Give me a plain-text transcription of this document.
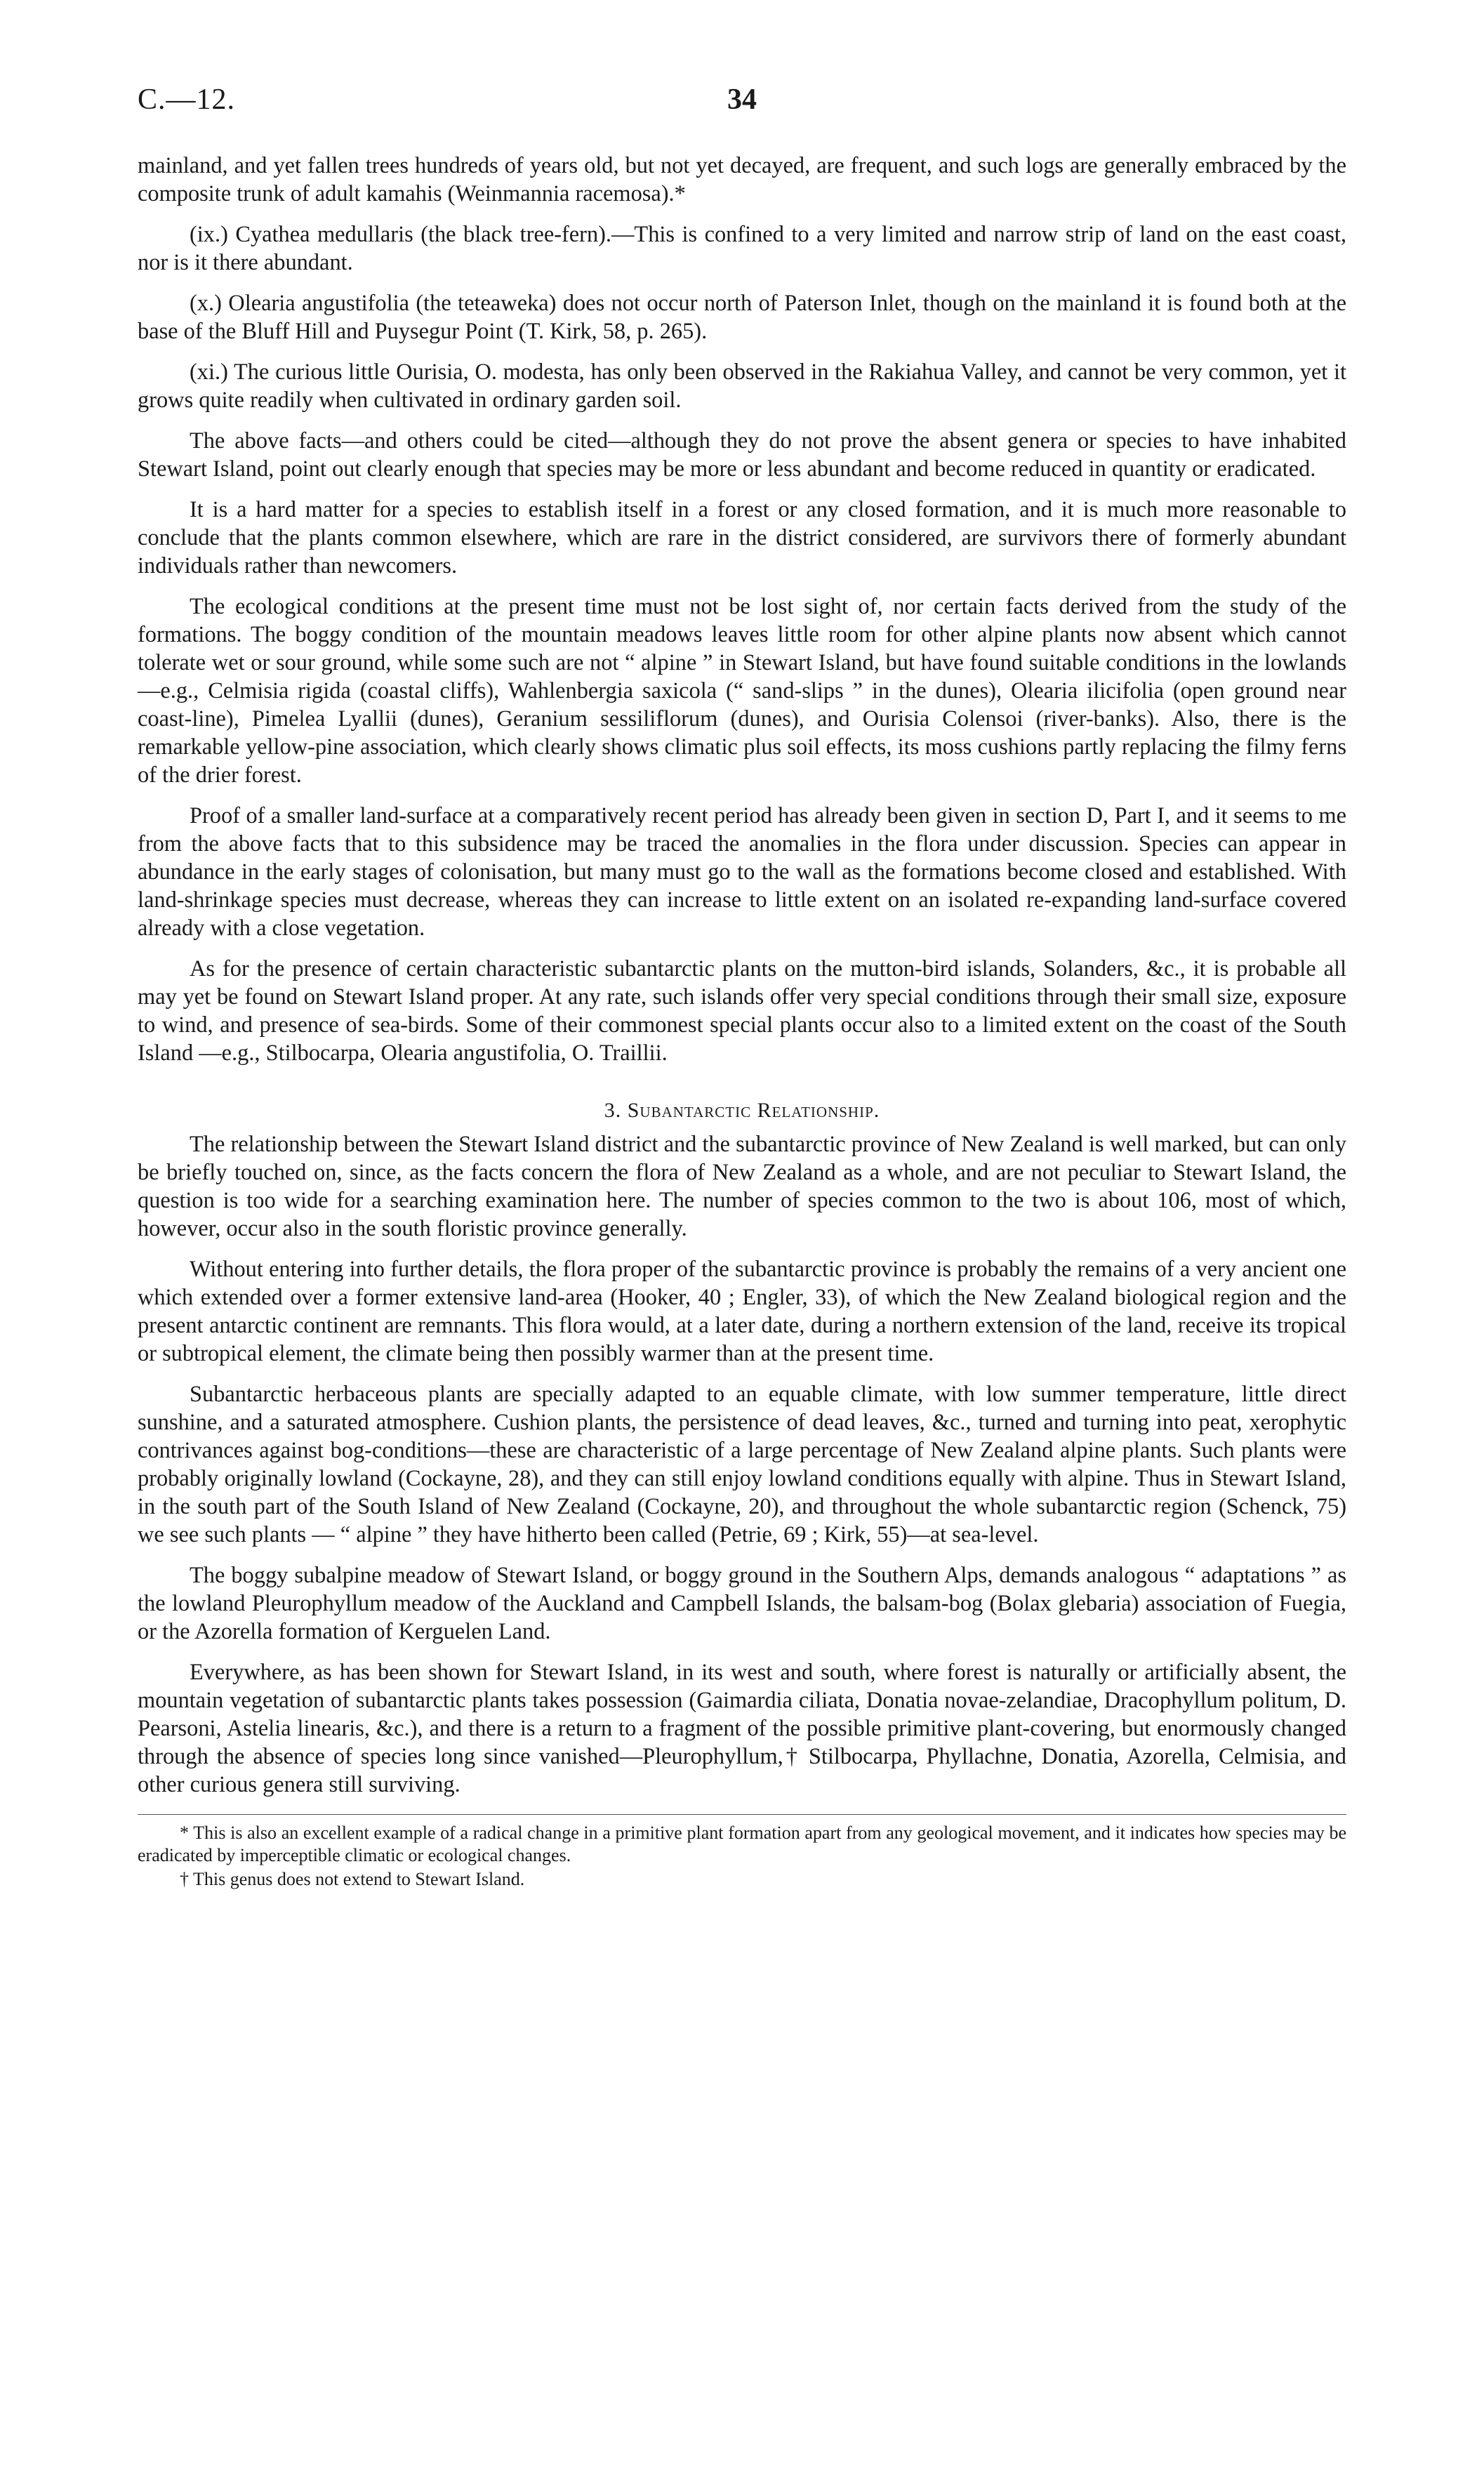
C.—12.	34

mainland, and yet fallen trees hundreds of years old, but not yet decayed, are frequent, and such logs are generally embraced by the composite trunk of adult kamahis (Weinmannia racemosa).*

(ix.) Cyathea medullaris (the black tree-fern).—This is confined to a very limited and narrow strip of land on the east coast, nor is it there abundant.

(x.) Olearia angustifolia (the teteaweka) does not occur north of Paterson Inlet, though on the mainland it is found both at the base of the Bluff Hill and Puysegur Point (T. Kirk, 58, p. 265).

(xi.) The curious little Ourisia, O. modesta, has only been observed in the Rakiahua Valley, and cannot be very common, yet it grows quite readily when cultivated in ordinary garden soil.

The above facts—and others could be cited—although they do not prove the absent genera or species to have inhabited Stewart Island, point out clearly enough that species may be more or less abundant and become reduced in quantity or eradicated.

It is a hard matter for a species to establish itself in a forest or any closed formation, and it is much more reasonable to conclude that the plants common elsewhere, which are rare in the district considered, are survivors there of formerly abundant individuals rather than newcomers.

The ecological conditions at the present time must not be lost sight of, nor certain facts derived from the study of the formations. The boggy condition of the mountain meadows leaves little room for other alpine plants now absent which cannot tolerate wet or sour ground, while some such are not “ alpine ” in Stewart Island, but have found suitable conditions in the lowlands—e.g., Celmisia rigida (coastal cliffs), Wahlenbergia saxicola (“ sand-slips ” in the dunes), Olearia ilicifolia (open ground near coast-line), Pimelea Lyallii (dunes), Geranium sessiliflorum (dunes), and Ourisia Colensoi (river-banks). Also, there is the remarkable yellow-pine association, which clearly shows climatic plus soil effects, its moss cushions partly replacing the filmy ferns of the drier forest.

Proof of a smaller land-surface at a comparatively recent period has already been given in section D, Part I, and it seems to me from the above facts that to this subsidence may be traced the anomalies in the flora under discussion. Species can appear in abundance in the early stages of colonisation, but many must go to the wall as the formations become closed and established. With land-shrinkage species must decrease, whereas they can increase to little extent on an isolated re-expanding land-surface covered already with a close vegetation.

As for the presence of certain characteristic subantarctic plants on the mutton-bird islands, Solanders, &c., it is probable all may yet be found on Stewart Island proper. At any rate, such islands offer very special conditions through their small size, exposure to wind, and presence of sea-birds. Some of their commonest special plants occur also to a limited extent on the coast of the South Island —e.g., Stilbocarpa, Olearia angustifolia, O. Traillii.

3. Subantarctic Relationship.

The relationship between the Stewart Island district and the subantarctic province of New Zealand is well marked, but can only be briefly touched on, since, as the facts concern the flora of New Zealand as a whole, and are not peculiar to Stewart Island, the question is too wide for a searching examination here. The number of species common to the two is about 106, most of which, however, occur also in the south floristic province generally.

Without entering into further details, the flora proper of the subantarctic province is probably the remains of a very ancient one which extended over a former extensive land-area (Hooker, 40 ; Engler, 33), of which the New Zealand biological region and the present antarctic continent are remnants. This flora would, at a later date, during a northern extension of the land, receive its tropical or subtropical element, the climate being then possibly warmer than at the present time.

Subantarctic herbaceous plants are specially adapted to an equable climate, with low summer temperature, little direct sunshine, and a saturated atmosphere. Cushion plants, the persistence of dead leaves, &c., turned and turning into peat, xerophytic contrivances against bog-conditions—these are characteristic of a large percentage of New Zealand alpine plants. Such plants were probably originally lowland (Cockayne, 28), and they can still enjoy lowland conditions equally with alpine. Thus in Stewart Island, in the south part of the South Island of New Zealand (Cockayne, 20), and throughout the whole subantarctic region (Schenck, 75) we see such plants — “ alpine ” they have hitherto been called (Petrie, 69 ; Kirk, 55)—at sea-level.

The boggy subalpine meadow of Stewart Island, or boggy ground in the Southern Alps, demands analogous “ adaptations ” as the lowland Pleurophyllum meadow of the Auckland and Campbell Islands, the balsam-bog (Bolax glebaria) association of Fuegia, or the Azorella formation of Kerguelen Land.

Everywhere, as has been shown for Stewart Island, in its west and south, where forest is naturally or artificially absent, the mountain vegetation of subantarctic plants takes possession (Gaimardia ciliata, Donatia novae-zelandiae, Dracophyllum politum, D. Pearsoni, Astelia linearis, &c.), and there is a return to a fragment of the possible primitive plant-covering, but enormously changed through the absence of species long since vanished—Pleurophyllum,† Stilbocarpa, Phyllachne, Donatia, Azorella, Celmisia, and other curious genera still surviving.

* This is also an excellent example of a radical change in a primitive plant formation apart from any geological movement, and it indicates how species may be eradicated by imperceptible climatic or ecological changes.

† This genus does not extend to Stewart Island.
